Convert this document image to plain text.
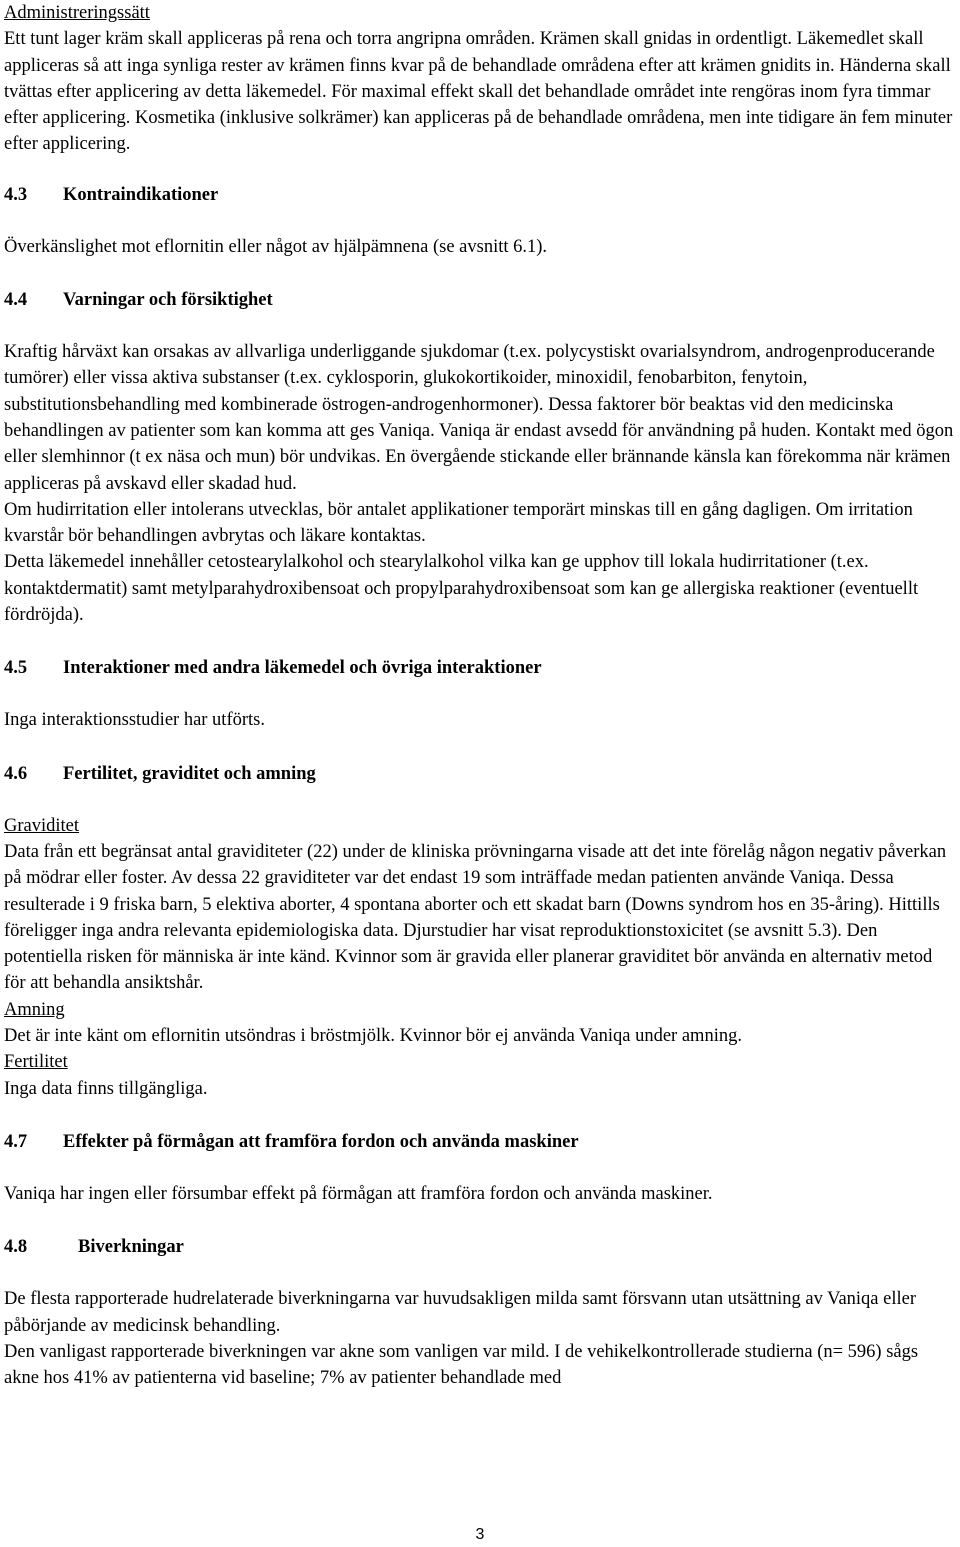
Administreringssätt

Ett tunt lager kräm skall appliceras på rena och torra angripna områden. Krämen skall gnidas in ordentligt. Läkemedlet skall appliceras så att inga synliga rester av krämen finns kvar på de behandlade områdena efter att krämen gnidits in. Händerna skall tvättas efter applicering av detta läkemedel. För maximal effekt skall det behandlade området inte rengöras inom fyra timmar efter applicering. Kosmetika (inklusive solkrämer) kan appliceras på de behandlade områdena, men inte tidigare än fem minuter efter applicering.

4.3 Kontraindikationer

Överkänslighet mot eflornitin eller något av hjälpämnena (se avsnitt 6.1).

4.4 Varningar och försiktighet

Kraftig hårväxt kan orsakas av allvarliga underliggande sjukdomar (t.ex. polycystiskt ovarialsyndrom, androgenproducerande tumörer) eller vissa aktiva substanser (t.ex. cyklosporin, glukokortikoider, minoxidil, fenobarbiton, fenytoin, substitutionsbehandling med kombinerade östrogen-androgenhormoner). Dessa faktorer bör beaktas vid den medicinska behandlingen av patienter som kan komma att ges Vaniqa. Vaniqa är endast avsedd för användning på huden. Kontakt med ögon eller slemhinnor (t ex näsa och mun) bör undvikas. En övergående stickande eller brännande känsla kan förekomma när krämen appliceras på avskavd eller skadad hud.

Om hudirritation eller intolerans utvecklas, bör antalet applikationer temporärt minskas till en gång dagligen. Om irritation kvarstår bör behandlingen avbrytas och läkare kontaktas.

Detta läkemedel innehåller cetostearylalkohol och stearylalkohol vilka kan ge upphov till lokala hudirritationer (t.ex. kontaktdermatit) samt metylparahydroxibensoat och propylparahydroxibensoat som kan ge allergiska reaktioner (eventuellt fördröjda).

4.5 Interaktioner med andra läkemedel och övriga interaktioner

Inga interaktionsstudier har utförts.

4.6 Fertilitet, graviditet och amning

Graviditet

Data från ett begränsat antal graviditeter (22) under de kliniska prövningarna visade att det inte förelåg någon negativ påverkan på mödrar eller foster. Av dessa 22 graviditeter var det endast 19 som inträffade medan patienten använde Vaniqa. Dessa resulterade i 9 friska barn, 5 elektiva aborter, 4 spontana aborter och ett skadat barn (Downs syndrom hos en 35-åring). Hittills föreligger inga andra relevanta epidemiologiska data. Djurstudier har visat reproduktionstoxicitet (se avsnitt 5.3). Den potentiella risken för människa är inte känd. Kvinnor som är gravida eller planerar graviditet bör använda en alternativ metod för att behandla ansiktshår.

Amning

Det är inte känt om eflornitin utsöndras i bröstmjölk. Kvinnor bör ej använda Vaniqa under amning.

Fertilitet

Inga data finns tillgängliga.

4.7 Effekter på förmågan att framföra fordon och använda maskiner

Vaniqa har ingen eller försumbar effekt på förmågan att framföra fordon och använda maskiner.

4.8	Biverkningar

De flesta rapporterade hudrelaterade biverkningarna var huvudsakligen milda samt försvann utan utsättning av Vaniqa eller påbörjande av medicinsk behandling.

Den vanligast rapporterade biverkningen var akne som vanligen var mild. I de vehikelkontrollerade studierna (n= 596) sågs akne hos 41% av patienterna vid baseline; 7% av patienter behandlade med

3
